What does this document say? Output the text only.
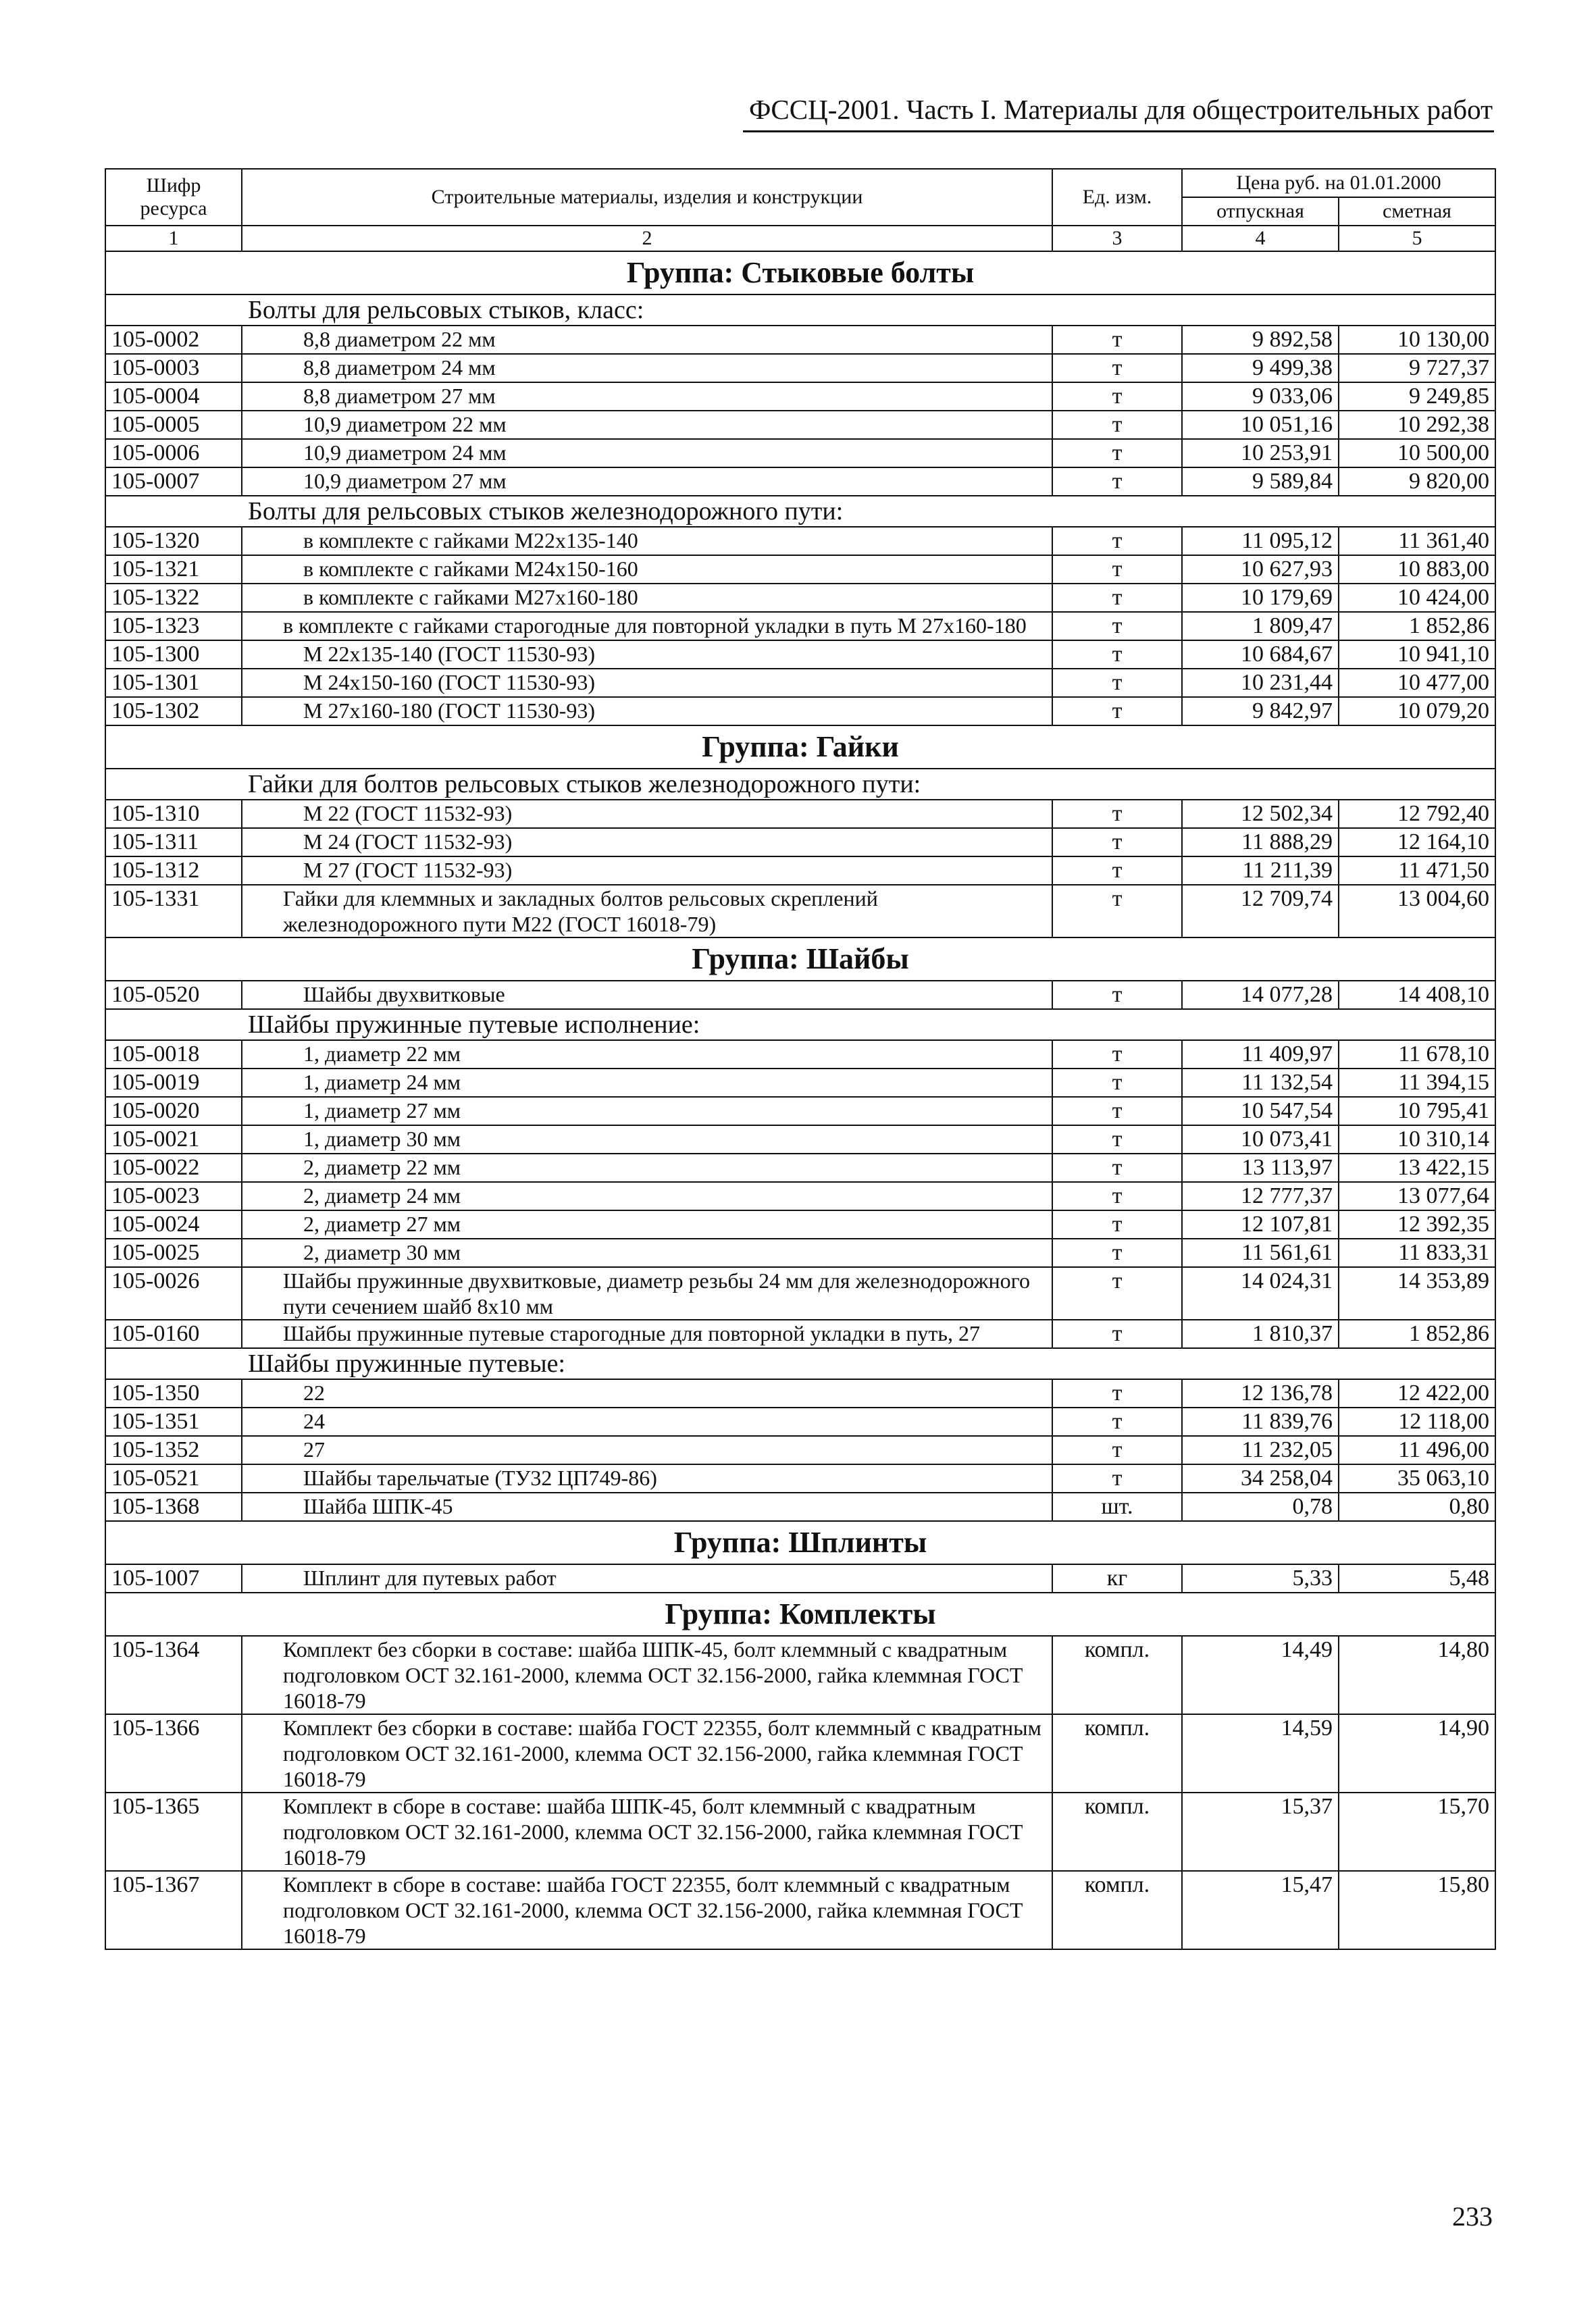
ФССЦ-2001. Часть I. Материалы для общестроительных работ
Шифр ресурса	Строительные материалы, изделия и конструкции	Ед. изм.	Цена руб. на 01.01.2000	
			отпускная	сметная
1	2	3	4	5
Группа: Стыковые болты				
Болты для рельсовых стыков, класс:				
105-0002	8,8 диаметром 22 мм	т	9 892,58	10 130,00
105-0003	8,8 диаметром 24 мм	т	9 499,38	9 727,37
105-0004	8,8 диаметром 27 мм	т	9 033,06	9 249,85
105-0005	10,9 диаметром 22 мм	т	10 051,16	10 292,38
105-0006	10,9 диаметром 24 мм	т	10 253,91	10 500,00
105-0007	10,9 диаметром 27 мм	т	9 589,84	9 820,00
Болты для рельсовых стыков железнодорожного пути:				
105-1320	в комплекте с гайками М22х135-140	т	11 095,12	11 361,40
105-1321	в комплекте с гайками М24х150-160	т	10 627,93	10 883,00
105-1322	в комплекте с гайками М27х160-180	т	10 179,69	10 424,00
105-1323	в комплекте с гайками старогодные для повторной укладки в путь М 27х160-180	т	1 809,47	1 852,86
105-1300	М 22х135-140 (ГОСТ 11530-93)	т	10 684,67	10 941,10
105-1301	М 24х150-160 (ГОСТ 11530-93)	т	10 231,44	10 477,00
105-1302	М 27х160-180 (ГОСТ 11530-93)	т	9 842,97	10 079,20
Группа: Гайки				
Гайки для болтов рельсовых стыков железнодорожного пути:				
105-1310	М 22 (ГОСТ 11532-93)	т	12 502,34	12 792,40
105-1311	М 24 (ГОСТ 11532-93)	т	11 888,29	12 164,10
105-1312	М 27 (ГОСТ 11532-93)	т	11 211,39	11 471,50
105-1331	Гайки для клеммных и закладных болтов рельсовых скреплений железнодорожного пути М22 (ГОСТ 16018-79)	т	12 709,74	13 004,60
Группа: Шайбы				
105-0520	Шайбы двухвитковые	т	14 077,28	14 408,10
Шайбы пружинные путевые исполнение:				
105-0018	1, диаметр 22 мм	т	11 409,97	11 678,10
105-0019	1, диаметр 24 мм	т	11 132,54	11 394,15
105-0020	1, диаметр 27 мм	т	10 547,54	10 795,41
105-0021	1, диаметр 30 мм	т	10 073,41	10 310,14
105-0022	2, диаметр 22 мм	т	13 113,97	13 422,15
105-0023	2, диаметр 24 мм	т	12 777,37	13 077,64
105-0024	2, диаметр 27 мм	т	12 107,81	12 392,35
105-0025	2, диаметр 30 мм	т	11 561,61	11 833,31
105-0026	Шайбы пружинные двухвитковые, диаметр резьбы 24 мм для железнодорожного пути сечением шайб 8х10 мм	т	14 024,31	14 353,89
105-0160	Шайбы пружинные путевые старогодные для повторной укладки в путь, 27	т	1 810,37	1 852,86
Шайбы пружинные путевые:				
105-1350	22	т	12 136,78	12 422,00
105-1351	24	т	11 839,76	12 118,00
105-1352	27	т	11 232,05	11 496,00
105-0521	Шайбы тарельчатые (ТУ32 ЦП749-86)	т	34 258,04	35 063,10
105-1368	Шайба ШПК-45	шт.	0,78	0,80
Группа: Шплинты				
105-1007	Шплинт для путевых работ	кг	5,33	5,48
Группа: Комплекты				
105-1364	Комплект без сборки в составе: шайба ШПК-45, болт клеммный с квадратным подголовком ОСТ 32.161-2000, клемма ОСТ 32.156-2000, гайка клеммная ГОСТ 16018-79	компл.	14,49	14,80
105-1366	Комплект без сборки в составе: шайба ГОСТ 22355, болт клеммный с квадратным подголовком ОСТ 32.161-2000, клемма ОСТ 32.156-2000, гайка клеммная ГОСТ 16018-79	компл.	14,59	14,90
105-1365	Комплект в сборе в составе: шайба ШПК-45, болт клеммный с квадратным подголовком ОСТ 32.161-2000, клемма ОСТ 32.156-2000, гайка клеммная ГОСТ 16018-79	компл.	15,37	15,70
105-1367	Комплект в сборе в составе: шайба ГОСТ 22355, болт клеммный с квадратным подголовком ОСТ 32.161-2000, клемма ОСТ 32.156-2000, гайка клеммная ГОСТ 16018-79	компл.	15,47	15,80
233
